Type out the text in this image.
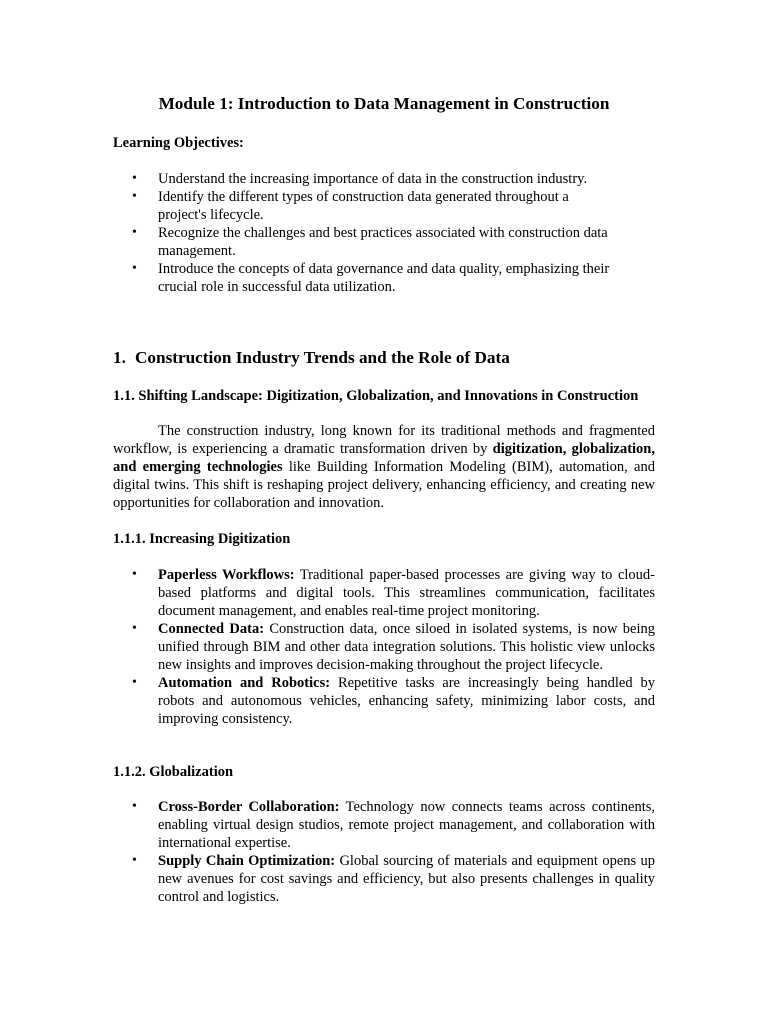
Module 1: Introduction to Data Management in Construction
Learning Objectives:
• Understand the increasing importance of data in the construction industry.
• Identify the different types of construction data generated throughout a project's lifecycle.
• Recognize the challenges and best practices associated with construction data management.
• Introduce the concepts of data governance and data quality, emphasizing their crucial role in successful data utilization.
1. Construction Industry Trends and the Role of Data
1.1. Shifting Landscape: Digitization, Globalization, and Innovations in Construction

The construction industry, long known for its traditional methods and fragmented workflow, is experiencing a dramatic transformation driven by digitization, globalization, and emerging technologies like Building Information Modeling (BIM), automation, and digital twins. This shift is reshaping project delivery, enhancing efficiency, and creating new opportunities for collaboration and innovation.

1.1.1. Increasing Digitization
• Paperless Workflows: Traditional paper-based processes are giving way to cloud- based platforms and digital tools. This streamlines communication, facilitates document management, and enables real-time project monitoring.
• Connected Data: Construction data, once siloed in isolated systems, is now being unified through BIM and other data integration solutions. This holistic view unlocks new insights and improves decision-making throughout the project lifecycle.
• Automation and Robotics: Repetitive tasks are increasingly being handled by robots and autonomous vehicles, enhancing safety, minimizing labor costs, and improving consistency.
1.1.2. Globalization
• Cross-Border Collaboration: Technology now connects teams across continents, enabling virtual design studios, remote project management, and collaboration with international expertise.
• Supply Chain Optimization: Global sourcing of materials and equipment opens up new avenues for cost savings and efficiency, but also presents challenges in quality control and logistics.
